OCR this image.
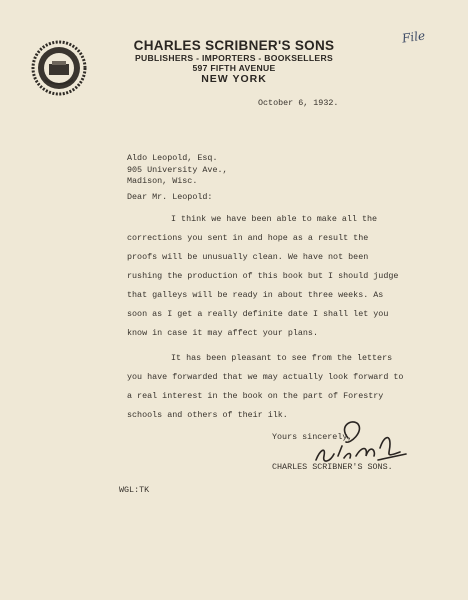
CHARLES SCRIBNER'S SONS
PUBLISHERS - IMPORTERS - BOOKSELLERS
597 FIFTH AVENUE
NEW YORK
File
October 6, 1932.
Aldo Leopold, Esq.
905 University Ave.,
Madison, Wisc.
Dear Mr. Leopold:
I think we have been able to make all the
corrections you sent in and hope as a result the
proofs will be unusually clean. We have not been
rushing the production of this book but I should judge
that galleys will be ready in about three weeks. As
soon as I get a really definite date I shall let you
know in case it may affect your plans.
It has been pleasant to see from the letters
you have forwarded that we may actually look forward to
a real interest in the book on the part of Forestry
schools and others of their ilk.
Yours sincerely,
CHARLES SCRIBNER'S SONS.
WGL:TK
